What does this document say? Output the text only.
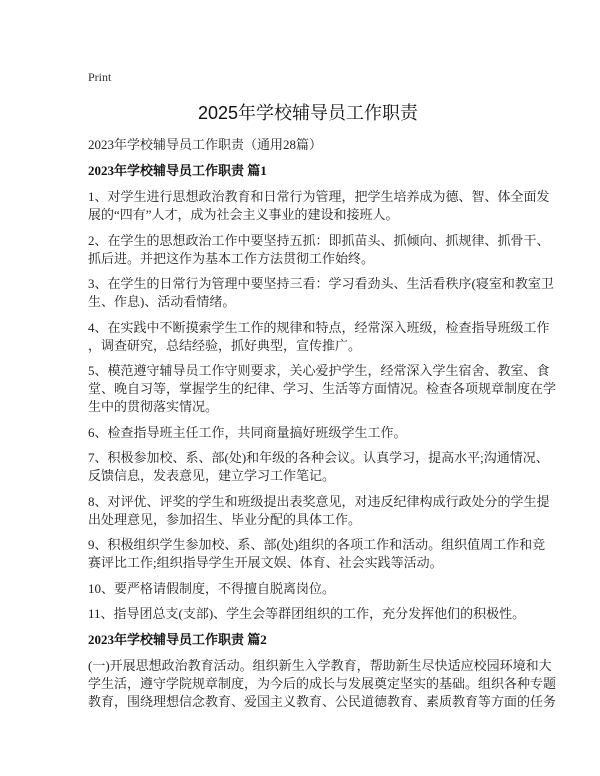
Print
2025年学校辅导员工作职责
2023年学校辅导员工作职责（通用28篇）
2023年学校辅导员工作职责 篇1
1、对学生进行思想政治教育和日常行为管理，把学生培养成为德、智、体全面发
展的“四有”人才，成为社会主义事业的建设和接班人。
2、在学生的思想政治工作中要坚持五抓：即抓苗头、抓倾向、抓规律、抓骨干、
抓后进。并把这作为基本工作方法贯彻工作始终。
3、在学生的日常行为管理中要坚持三看：学习看劲头、生活看秩序(寝室和教室卫
生、作息)、活动看情绪。
4、在实践中不断摸索学生工作的规律和特点，经常深入班级，检查指导班级工作
，调查研究，总结经验，抓好典型，宣传推广。
5、模范遵守辅导员工作守则要求，关心爱护学生，经常深入学生宿舍、教室、食
堂、晚自习等，掌握学生的纪律、学习、生活等方面情况。检查各项规章制度在学
生中的贯彻落实情况。
6、检查指导班主任工作，共同商量搞好班级学生工作。
7、积极参加校、系、部(处)和年级的各种会议。认真学习，提高水平;沟通情况、
反馈信息，发表意见，建立学习工作笔记。
8、对评优、评奖的学生和班级提出表奖意见，对违反纪律构成行政处分的学生提
出处理意见，参加招生、毕业分配的具体工作。
9、积极组织学生参加校、系、部(处)组织的各项工作和活动。组织值周工作和竞
赛评比工作;组织指导学生开展文娱、体育、社会实践等活动。
10、要严格请假制度，不得擅自脱离岗位。
11、指导团总支(支部)、学生会等群团组织的工作，充分发挥他们的积极性。
2023年学校辅导员工作职责 篇2
(一)开展思想政治教育活动。组织新生入学教育，帮助新生尽快适应校园环境和大
学生活，遵守学院规章制度，为今后的成长与发展奠定坚实的基础。组织各种专题
教育，围绕理想信念教育、爱国主义教育、公民道德教育、素质教育等方面的任务
